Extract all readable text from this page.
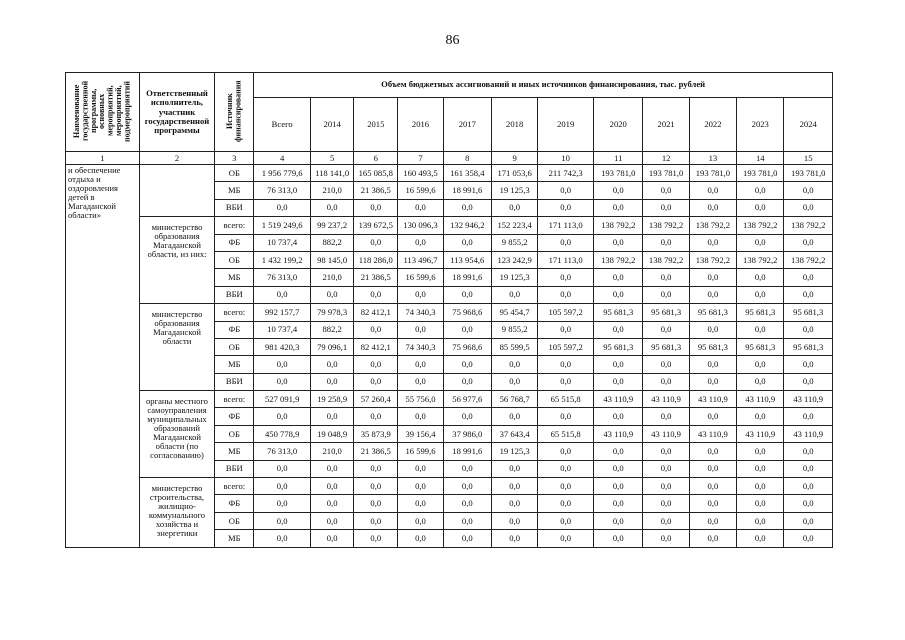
86
Наименование государственной программы, основных мероприятий, мероприятий, подмероприятий	Ответственный исполнитель, участник государственной программы	Источник финансирования	Объем бюджетных ассигнований и иных источников финансирования, тыс. рублей											
			Всего	2014	2015	2016	2017	2018	2019	2020	2021	2022	2023	2024
1	2	3	4	5	6	7	8	9	10	11	12	13	14	15
и обеспечение отдыха и оздоровления детей в Магаданской области»		ОБ	1 956 779,6	118 141,0	165 085,8	160 493,5	161 358,4	171 053,6	211 742,3	193 781,0	193 781,0	193 781,0	193 781,0	193 781,0
		МБ	76 313,0	210,0	21 386,5	16 599,6	18 991,6	19 125,3	0,0	0,0	0,0	0,0	0,0	0,0
		ВБИ	0,0	0,0	0,0	0,0	0,0	0,0	0,0	0,0	0,0	0,0	0,0	0,0
	министерство образования Магаданской области, из них:	всего:	1 519 249,6	99 237,2	139 672,5	130 096,3	132 946,2	152 223,4	171 113,0	138 792,2	138 792,2	138 792,2	138 792,2	138 792,2
		ФБ	10 737,4	882,2	0,0	0,0	0,0	9 855,2	0,0	0,0	0,0	0,0	0,0	0,0
		ОБ	1 432 199,2	98 145,0	118 286,0	113 496,7	113 954,6	123 242,9	171 113,0	138 792,2	138 792,2	138 792,2	138 792,2	138 792,2
		МБ	76 313,0	210,0	21 386,5	16 599,6	18 991,6	19 125,3	0,0	0,0	0,0	0,0	0,0	0,0
		ВБИ	0,0	0,0	0,0	0,0	0,0	0,0	0,0	0,0	0,0	0,0	0,0	0,0
	министерство образования Магаданской области	всего:	992 157,7	79 978,3	82 412,1	74 340,3	75 968,6	95 454,7	105 597,2	95 681,3	95 681,3	95 681,3	95 681,3	95 681,3
		ФБ	10 737,4	882,2	0,0	0,0	0,0	9 855,2	0,0	0,0	0,0	0,0	0,0	0,0
		ОБ	981 420,3	79 096,1	82 412,1	74 340,3	75 968,6	85 599,5	105 597,2	95 681,3	95 681,3	95 681,3	95 681,3	95 681,3
		МБ	0,0	0,0	0,0	0,0	0,0	0,0	0,0	0,0	0,0	0,0	0,0	0,0
		ВБИ	0,0	0,0	0,0	0,0	0,0	0,0	0,0	0,0	0,0	0,0	0,0	0,0
	органы местного самоуправления муниципальных образований Магаданской области (по согласованию)	всего:	527 091,9	19 258,9	57 260,4	55 756,0	56 977,6	56 768,7	65 515,8	43 110,9	43 110,9	43 110,9	43 110,9	43 110,9
		ФБ	0,0	0,0	0,0	0,0	0,0	0,0	0,0	0,0	0,0	0,0	0,0	0,0
		ОБ	450 778,9	19 048,9	35 873,9	39 156,4	37 986,0	37 643,4	65 515,8	43 110,9	43 110,9	43 110,9	43 110,9	43 110,9
		МБ	76 313,0	210,0	21 386,5	16 599,6	18 991,6	19 125,3	0,0	0,0	0,0	0,0	0,0	0,0
		ВБИ	0,0	0,0	0,0	0,0	0,0	0,0	0,0	0,0	0,0	0,0	0,0	0,0
	министерство строительства, жилищно-коммунального хозяйства и энергетики	всего:	0,0	0,0	0,0	0,0	0,0	0,0	0,0	0,0	0,0	0,0	0,0	0,0
		ФБ	0,0	0,0	0,0	0,0	0,0	0,0	0,0	0,0	0,0	0,0	0,0	0,0
		ОБ	0,0	0,0	0,0	0,0	0,0	0,0	0,0	0,0	0,0	0,0	0,0	0,0
		МБ	0,0	0,0	0,0	0,0	0,0	0,0	0,0	0,0	0,0	0,0	0,0	0,0
